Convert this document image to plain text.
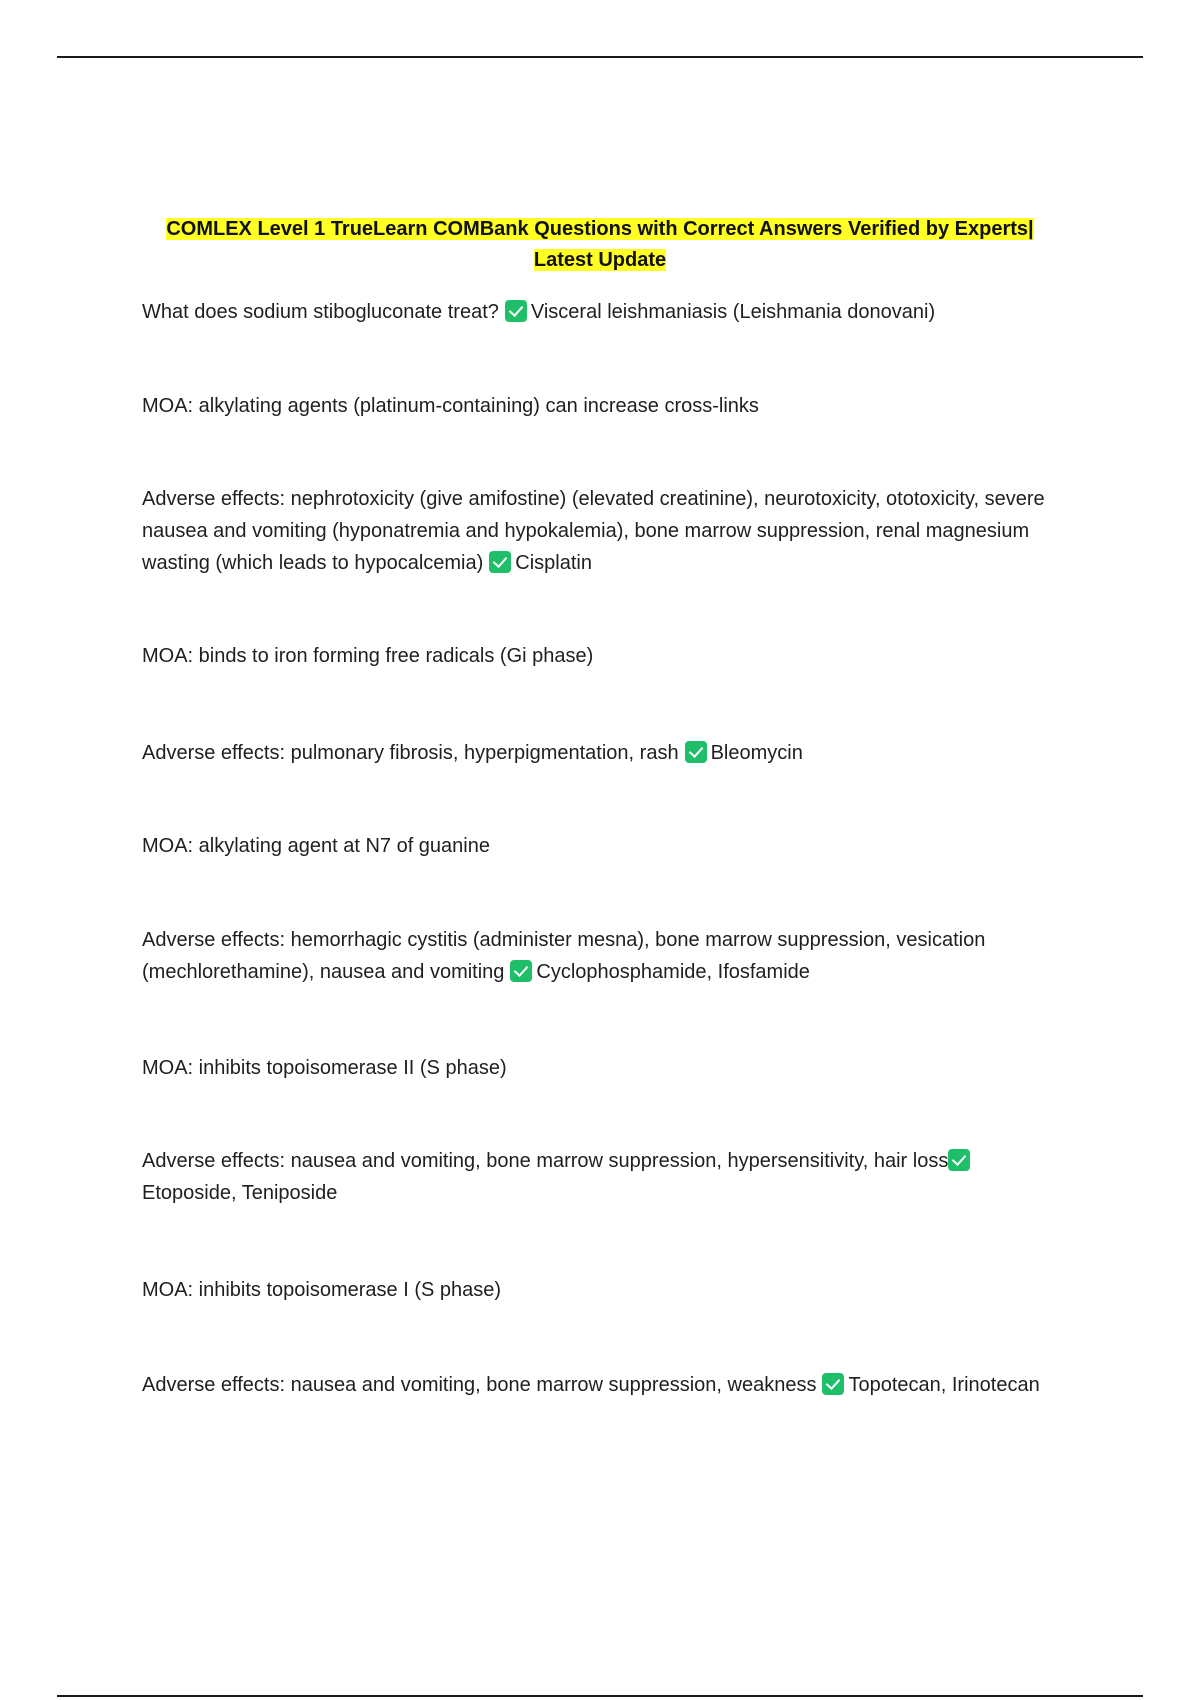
COMLEX Level 1 TrueLearn COMBank Questions with Correct Answers Verified by Experts| Latest Update

What does sodium stibogluconate treat? Visceral leishmaniasis (Leishmania donovani)

MOA: alkylating agents (platinum-containing) can increase cross-links

Adverse effects: nephrotoxicity (give amifostine) (elevated creatinine), neurotoxicity, ototoxicity, severe nausea and vomiting (hyponatremia and hypokalemia), bone marrow suppression, renal magnesium wasting (which leads to hypocalcemia) Cisplatin

MOA: binds to iron forming free radicals (Gi phase)

Adverse effects: pulmonary fibrosis, hyperpigmentation, rash Bleomycin

MOA: alkylating agent at N7 of guanine

Adverse effects: hemorrhagic cystitis (administer mesna), bone marrow suppression, vesication (mechlorethamine), nausea and vomiting Cyclophosphamide, Ifosfamide

MOA: inhibits topoisomerase II (S phase)

Adverse effects: nausea and vomiting, bone marrow suppression, hypersensitivity, hair lossEtoposide, Teniposide

MOA: inhibits topoisomerase I (S phase)

Adverse effects: nausea and vomiting, bone marrow suppression, weakness Topotecan, Irinotecan
